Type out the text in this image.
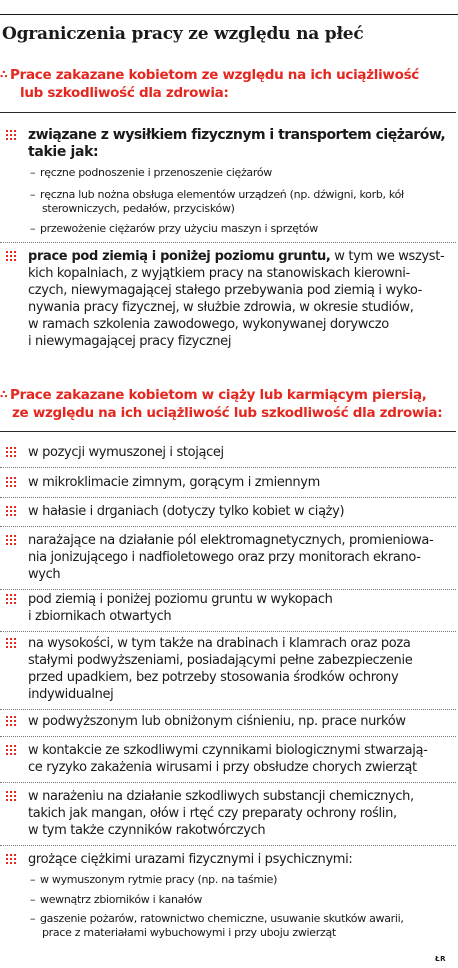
Ograniczenia pracy ze względu na płeć
∴ Prace zakazane kobietom ze względu na ich uciążliwość
lub szkodliwość dla zdrowia:
związane z wysiłkiem fizycznym i transportem ciężarów,
takie jak:
– ręczne podnoszenie i przenoszenie ciężarów
– ręczna lub nożna obsługa elementów urządzeń (np. dźwigni, korb, kół
sterowniczych, pedałów, przycisków)
– przewożenie ciężarów przy użyciu maszyn i sprzętów
prace pod ziemią i poniżej poziomu gruntu, w tym we wszyst-
kich kopalniach, z wyjątkiem pracy na stanowiskach kierowni-
czych, niewymagającej stałego przebywania pod ziemią i wyko-
nywania pracy fizycznej, w służbie zdrowia, w okresie studiów,
w ramach szkolenia zawodowego, wykonywanej dorywczo
i niewymagającej pracy fizycznej
∴ Prace zakazane kobietom w ciąży lub karmiącym piersią,
ze względu na ich uciążliwość lub szkodliwość dla zdrowia:
w pozycji wymuszonej i stojącej
w mikroklimacie zimnym, gorącym i zmiennym
w hałasie i drganiach (dotyczy tylko kobiet w ciąży)
narażające na działanie pól elektromagnetycznych, promieniowa-
nia jonizującego i nadfioletowego oraz przy monitorach ekrano-
wych
pod ziemią i poniżej poziomu gruntu w wykopach
i zbiornikach otwartych
na wysokości, w tym także na drabinach i klamrach oraz poza
stałymi podwyższeniami, posiadającymi pełne zabezpieczenie
przed upadkiem, bez potrzeby stosowania środków ochrony
indywidualnej
w podwyższonym lub obniżonym ciśnieniu, np. prace nurków
w kontakcie ze szkodliwymi czynnikami biologicznymi stwarzają-
ce ryzyko zakażenia wirusami i przy obsłudze chorych zwierząt
w narażeniu na działanie szkodliwych substancji chemicznych,
takich jak mangan, ołów i rtęć czy preparaty ochrony roślin,
w tym także czynników rakotwórczych
grożące ciężkimi urazami fizycznymi i psychicznymi:
– w wymuszonym rytmie pracy (np. na taśmie)
– wewnątrz zbiorników i kanałów
– gaszenie pożarów, ratownictwo chemiczne, usuwanie skutków awarii,
prace z materiałami wybuchowymi i przy uboju zwierząt
ŁR
